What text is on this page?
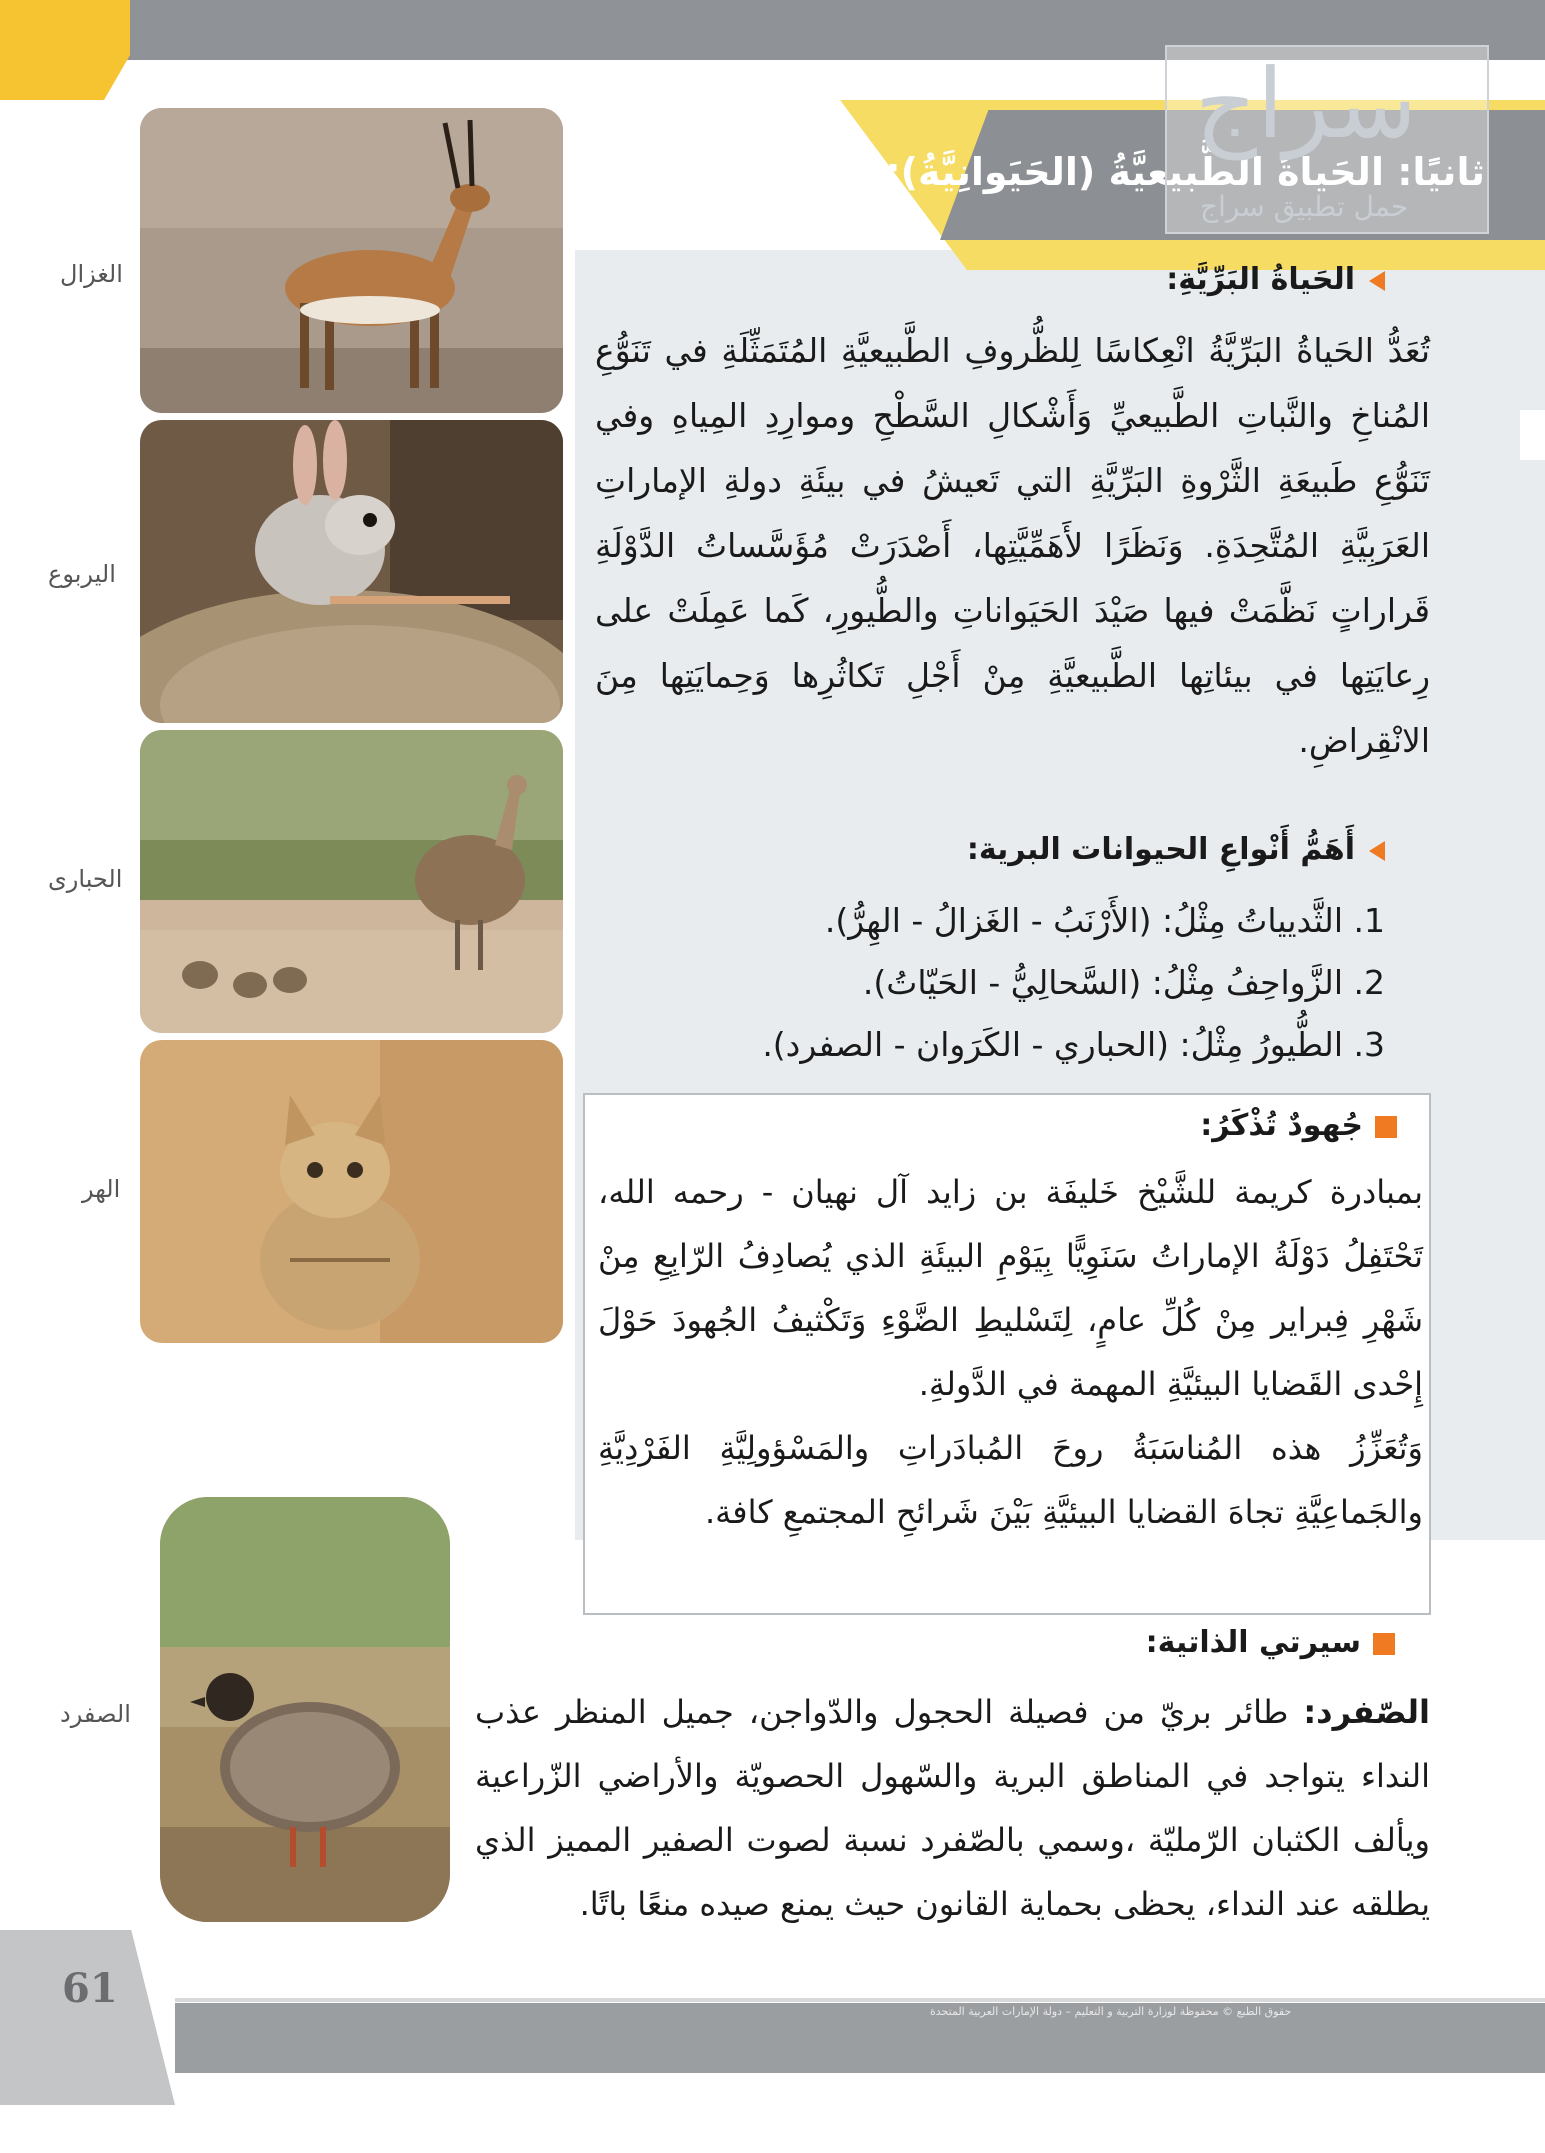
ثانيًا: الحَياةُ الطَّبيعيَّةُ (الحَيَوانِيَّةُ):
سراج
حمل تطبيق سراج
الحَياةُ البَرِّيَّةِ:
تُعَدُّ الحَياةُ البَرِّيَّةُ انْعِكاسًا لِلظُّروفِ الطَّبيعيَّةِ المُتَمَثِّلَةِ في تَنَوُّعِ المُناخِ والنَّباتِ الطَّبيعيِّ وَأَشْكالِ السَّطْحِ وموارِدِ المِياهِ وفي تَنَوُّعِ طَبيعَةِ الثَّرْوةِ البَرِّيَّةِ التي تَعيشُ في بيئَةِ دولةِ الإماراتِ العَرَبِيَّةِ المُتَّحِدَةِ. وَنَظَرًا لأَهَمِّيَّتِها، أَصْدَرَتْ مُؤَسَّساتُ الدَّوْلَةِ قَراراتٍ نَظَّمَتْ فيها صَيْدَ الحَيَواناتِ والطُّيورِ، كَما عَمِلَتْ على رِعايَتِها في بيئاتِها الطَّبيعيَّةِ مِنْ أَجْلِ تَكاثُرِها وَحِمايَتِها مِنَ الانْقِراضِ.
أَهَمُّ أَنْواعِ الحيوانات البرية:
1. الثَّديياتُ مِثْلُ: (الأَرْنَبُ - الغَزالُ - الهِرُّ).
2. الزَّواحِفُ مِثْلُ: (السَّحالِيُّ - الحَيّاتُ).
3. الطُّيورُ مِثْلُ: (الحباري - الكَرَوان - الصفرد).
جُهودٌ تُذْكَرُ:
بمبادرة كريمة للشَّيْخ خَليفَة بن زايد آل نهيان - رحمه الله، تَحْتَفِلُ دَوْلَةُ الإماراتُ سَنَوِيًّا بِيَوْمِ البيئَةِ الذي يُصادِفُ الرّابِعِ مِنْ شَهْرِ فِبراير مِنْ كُلِّ عامٍ، لِتَسْليطِ الضَّوْءِ وَتَكْثيفُ الجُهودَ حَوْلَ إِحْدى القَضايا البيئيَّةِ المهمة في الدَّولةِ.
وَتُعَزِّزُ هذه المُناسَبَةُ روحَ المُبادَراتِ والمَسْؤولِيَّةِ الفَرْدِيَّةِ والجَماعِيَّةِ تجاهَ القضايا البيئيَّةِ بَيْنَ شَرائحِ المجتمعِ كافة.
سيرتي الذاتية:
الصّفرد: طائر بريّ من فصيلة الحجول والدّواجن، جميل المنظر عذب النداء يتواجد في المناطق البرية والسّهول الحصويّة والأراضي الزّراعية ويألف الكثبان الرّمليّة ،وسمي بالصّفرد نسبة لصوت الصفير المميز الذي يطلقه عند النداء، يحظى بحماية القانون حيث يمنع صيده منعًا باتًا.
الغزال
اليربوع
الحبارى
الهر
الصفرد
61	حقوق الطبع © محفوظة لوزارة التربية و التعليم – دولة الإمارات العربية المتحدة
